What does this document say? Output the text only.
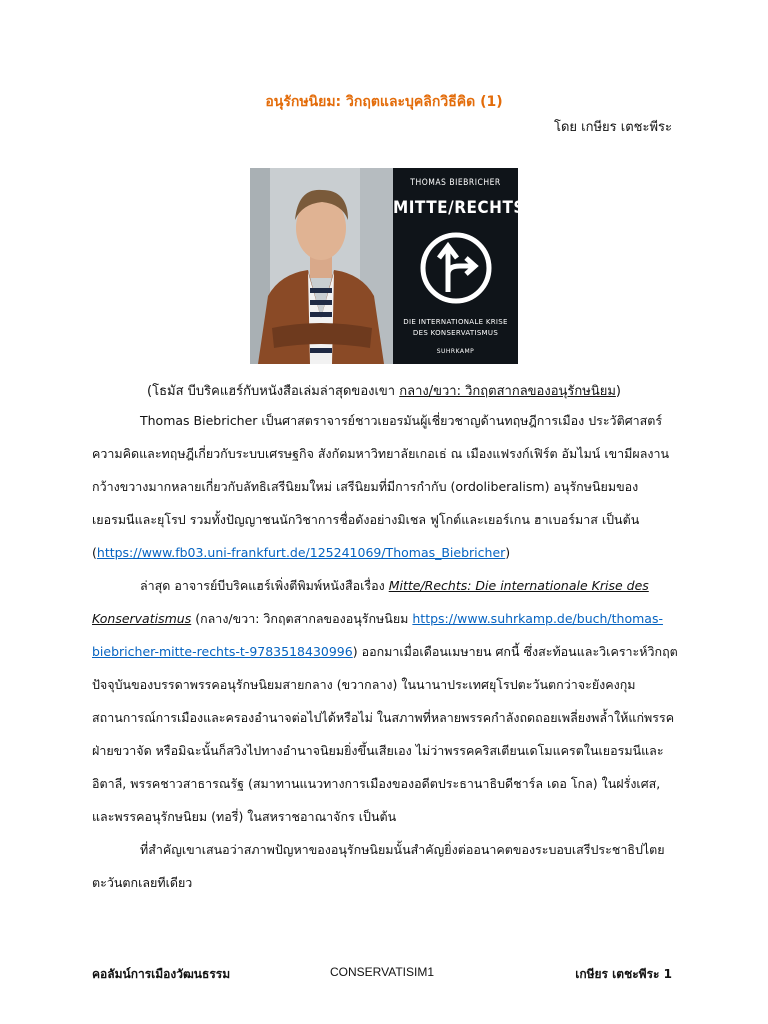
อนุรักษนิยม: วิกฤตและบุคลิกวิธีคิด (1)
โดย เกษียร เตชะพีระ
THOMAS BIEBRICHER
MITTE/RECHTS
DIE INTERNATIONALE KRISE
DES KONSERVATISMUS
SUHRKAMP
(โธมัส บีบริคแฮร์กับหนังสือเล่มล่าสุดของเขา กลาง/ขวา: วิกฤตสากลของอนุรักษนิยม)

Thomas Biebricher เป็นศาสตราจารย์ชาวเยอรมันผู้เชี่ยวชาญด้านทฤษฎีการเมือง ประวัติศาสตร์ความคิดและทฤษฎีเกี่ยวกับระบบเศรษฐกิจ สังกัดมหาวิทยาลัยเกอเธ่ ณ เมืองแฟรงก์เฟิร์ต อัมไมน์ เขามีผลงานกว้างขวางมากหลายเกี่ยวกับลัทธิเสรีนิยมใหม่ เสรีนิยมที่มีการกำกับ (ordoliberalism) อนุรักษนิยมของเยอรมนีและยุโรป รวมทั้งปัญญาชนนักวิชาการชื่อดังอย่างมิเชล ฟูโกต์และเยอร์เกน ฮาเบอร์มาส เป็นต้น (https://www.fb03.uni-frankfurt.de/125241069/Thomas_Biebricher)

ล่าสุด อาจารย์บีบริคแฮร์เพิ่งตีพิมพ์หนังสือเรื่อง Mitte/Rechts: Die internationale Krise des Konservatismus (กลาง/ขวา: วิกฤตสากลของอนุรักษนิยม https://www.suhrkamp.de/buch/thomas-biebricher-mitte-rechts-t-9783518430996) ออกมาเมื่อเดือนเมษายน ศกนี้ ซึ่งสะท้อนและวิเคราะห์วิกฤตปัจจุบันของบรรดาพรรคอนุรักษนิยมสายกลาง (ขวากลาง) ในนานาประเทศยุโรปตะวันตกว่าจะยังคงกุมสถานการณ์การเมืองและครองอำนาจต่อไปได้หรือไม่ ในสภาพที่หลายพรรคกำลังถดถอยเพลี่ยงพล้ำให้แก่พรรคฝ่ายขวาจัด หรือมิฉะนั้นก็สวิงไปทางอำนาจนิยมยิ่งขึ้นเสียเอง ไม่ว่าพรรคคริสเตียนเดโมแครตในเยอรมนีและอิตาลี, พรรคชาวสาธารณรัฐ (สมาทานแนวทางการเมืองของอดีตประธานาธิบดีชาร์ล เดอ โกล) ในฝรั่งเศส, และพรรคอนุรักษนิยม (ทอรี่) ในสหราชอาณาจักร เป็นต้น

ที่สำคัญเขาเสนอว่าสภาพปัญหาของอนุรักษนิยมนั้นสำคัญยิ่งต่ออนาคตของระบอบเสรีประชาธิปไตยตะวันตกเลยทีเดียว

คอลัมน์การเมืองวัฒนธรรม	CONSERVATISIM1	เกษียร เตชะพีระ 1
